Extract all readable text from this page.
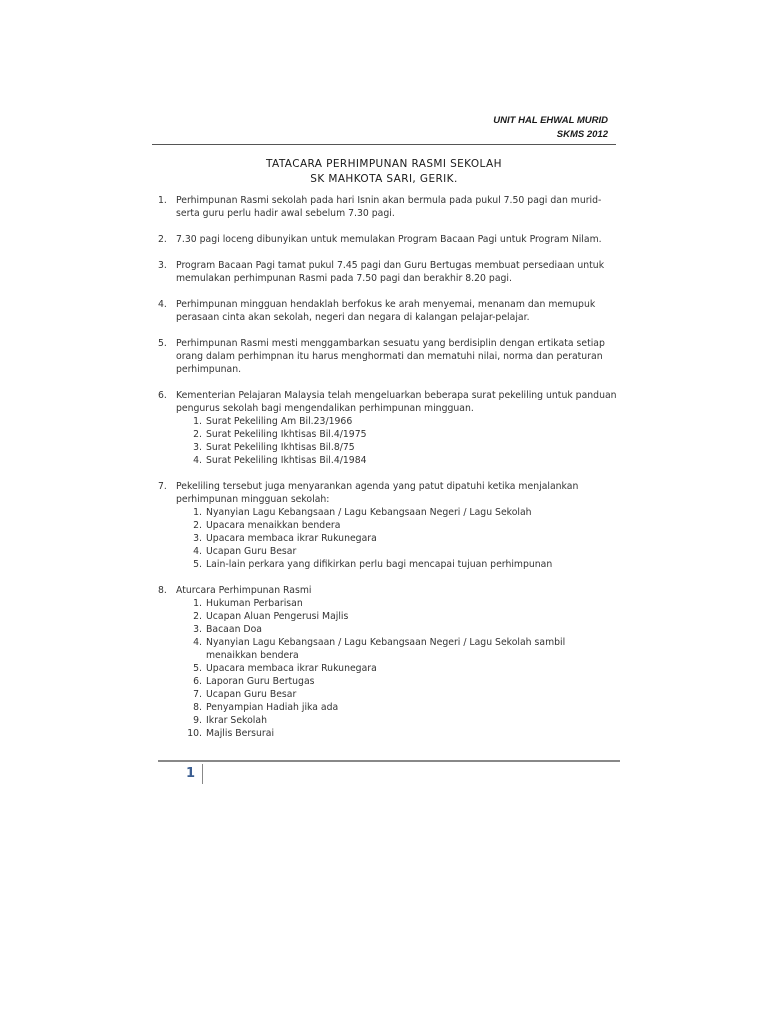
UNIT HAL EHWAL MURID
SKMS 2012
TATACARA PERHIMPUNAN RASMI SEKOLAH
SK MAHKOTA SARI, GERIK.
1. Perhimpunan Rasmi sekolah pada hari Isnin akan bermula pada pukul 7.50 pagi dan murid-serta guru perlu hadir awal sebelum 7.30 pagi.
2. 7.30 pagi loceng dibunyikan untuk memulakan Program Bacaan Pagi untuk Program Nilam.
3. Program Bacaan Pagi tamat pukul 7.45 pagi dan Guru Bertugas membuat persediaan untuk memulakan perhimpunan Rasmi pada 7.50 pagi dan berakhir 8.20 pagi.
4. Perhimpunan mingguan hendaklah berfokus ke arah menyemai, menanam dan memupuk perasaan cinta akan sekolah, negeri dan negara di kalangan pelajar-pelajar.
5. Perhimpunan Rasmi mesti menggambarkan sesuatu yang berdisiplin dengan ertikata setiap orang dalam perhimpnan itu harus menghormati dan mematuhi nilai, norma dan peraturan perhimpunan.
6. Kementerian Pelajaran Malaysia telah mengeluarkan beberapa surat pekeliling untuk panduan pengurus sekolah bagi mengendalikan perhimpunan mingguan.
1. Surat Pekeliling Am Bil.23/1966
2. Surat Pekeliling Ikhtisas Bil.4/1975
3. Surat Pekeliling Ikhtisas Bil.8/75
4. Surat Pekeliling Ikhtisas Bil.4/1984
7. Pekeliling tersebut juga menyarankan agenda yang patut dipatuhi ketika menjalankan perhimpunan mingguan sekolah:
1. Nyanyian Lagu Kebangsaan / Lagu Kebangsaan Negeri / Lagu Sekolah
2. Upacara menaikkan bendera
3. Upacara membaca ikrar Rukunegara
4. Ucapan Guru Besar
5. Lain-lain perkara yang difikirkan perlu bagi mencapai tujuan perhimpunan
8. Aturcara Perhimpunan Rasmi
1. Hukuman Perbarisan
2. Ucapan Aluan Pengerusi Majlis
3. Bacaan Doa
4. Nyanyian Lagu Kebangsaan / Lagu Kebangsaan Negeri / Lagu Sekolah sambil menaikkan bendera
5. Upacara membaca ikrar Rukunegara
6. Laporan Guru Bertugas
7. Ucapan Guru Besar
8. Penyampian Hadiah jika ada
9. Ikrar Sekolah
10. Majlis Bersurai
1
